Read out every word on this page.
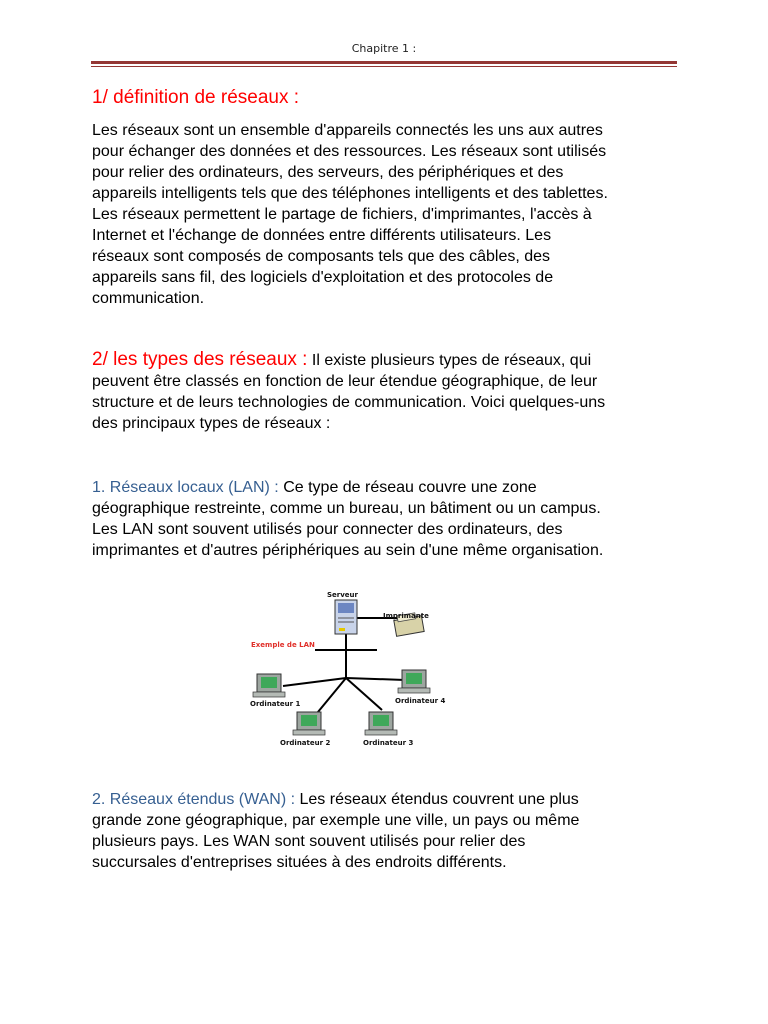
Chapitre 1 :
1/ définition de réseaux :

Les réseaux sont un ensemble d'appareils connectés les uns aux autres

pour échanger des données et des ressources. Les réseaux sont utilisés

pour relier des ordinateurs, des serveurs, des périphériques et des

appareils intelligents tels que des téléphones intelligents et des tablettes.

Les réseaux permettent le partage de fichiers, d'imprimantes, l'accès à

Internet et l'échange de données entre différents utilisateurs. Les

réseaux sont composés de composants tels que des câbles, des

appareils sans fil, des logiciels d'exploitation et des protocoles de

communication.

2/ les types des réseaux : Il existe plusieurs types de réseaux, qui

peuvent être classés en fonction de leur étendue géographique, de leur

structure et de leurs technologies de communication. Voici quelques-uns

des principaux types de réseaux :

1. Réseaux locaux (LAN) : Ce type de réseau couvre une zone

géographique restreinte, comme un bureau, un bâtiment ou un campus.

Les LAN sont souvent utilisés pour connecter des ordinateurs, des

imprimantes et d'autres périphériques au sein d'une même organisation.

Serveur
Imprimante
Exemple de LAN
Ordinateur 1
Ordinateur 2	Ordinateur 3
Ordinateur 4

2. Réseaux étendus (WAN) : Les réseaux étendus couvrent une plus

grande zone géographique, par exemple une ville, un pays ou même

plusieurs pays. Les WAN sont souvent utilisés pour relier des

succursales d'entreprises situées à des endroits différents.
